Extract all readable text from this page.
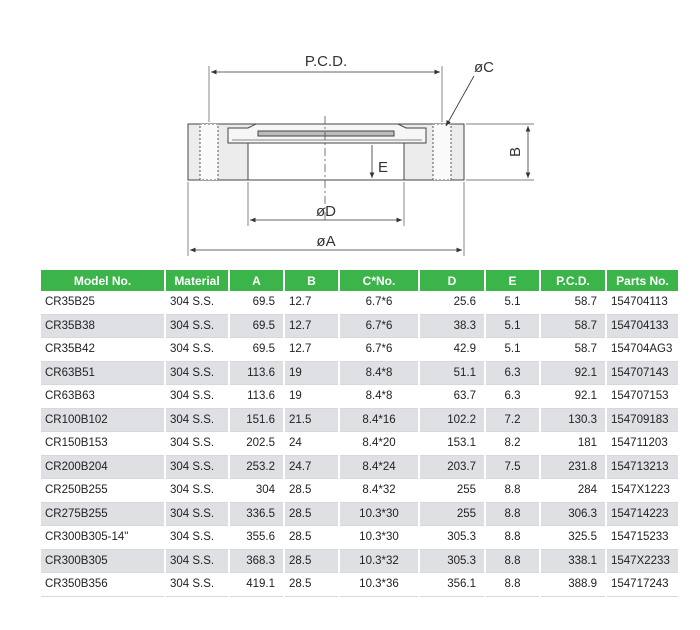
P.C.D.	øC
B
E
øD
øA
Model No.	Material	A	B	C*No.	D	E	P.C.D.	Parts No.
CR35B25	304 S.S.	69.5	12.7	6.7*6	25.6	5.1	58.7	154704113
CR35B38	304 S.S.	69.5	12.7	6.7*6	38.3	5.1	58.7	154704133
CR35B42	304 S.S.	69.5	12.7	6.7*6	42.9	5.1	58.7	154704AG3
CR63B51	304 S.S.	113.6	19	8.4*8	51.1	6.3	92.1	154707143
CR63B63	304 S.S.	113.6	19	8.4*8	63.7	6.3	92.1	154707153
CR100B102	304 S.S.	151.6	21.5	8.4*16	102.2	7.2	130.3	154709183
CR150B153	304 S.S.	202.5	24	8.4*20	153.1	8.2	181	154711203
CR200B204	304 S.S.	253.2	24.7	8.4*24	203.7	7.5	231.8	154713213
CR250B255	304 S.S.	304	28.5	8.4*32	255	8.8	284	1547X1223
CR275B255	304 S.S.	336.5	28.5	10.3*30	255	8.8	306.3	154714223
CR300B305-14"	304 S.S.	355.6	28.5	10.3*30	305.3	8.8	325.5	154715233
CR300B305	304 S.S.	368.3	28.5	10.3*32	305.3	8.8	338.1	1547X2233
CR350B356	304 S.S.	419.1	28.5	10.3*36	356.1	8.8	388.9	154717243
